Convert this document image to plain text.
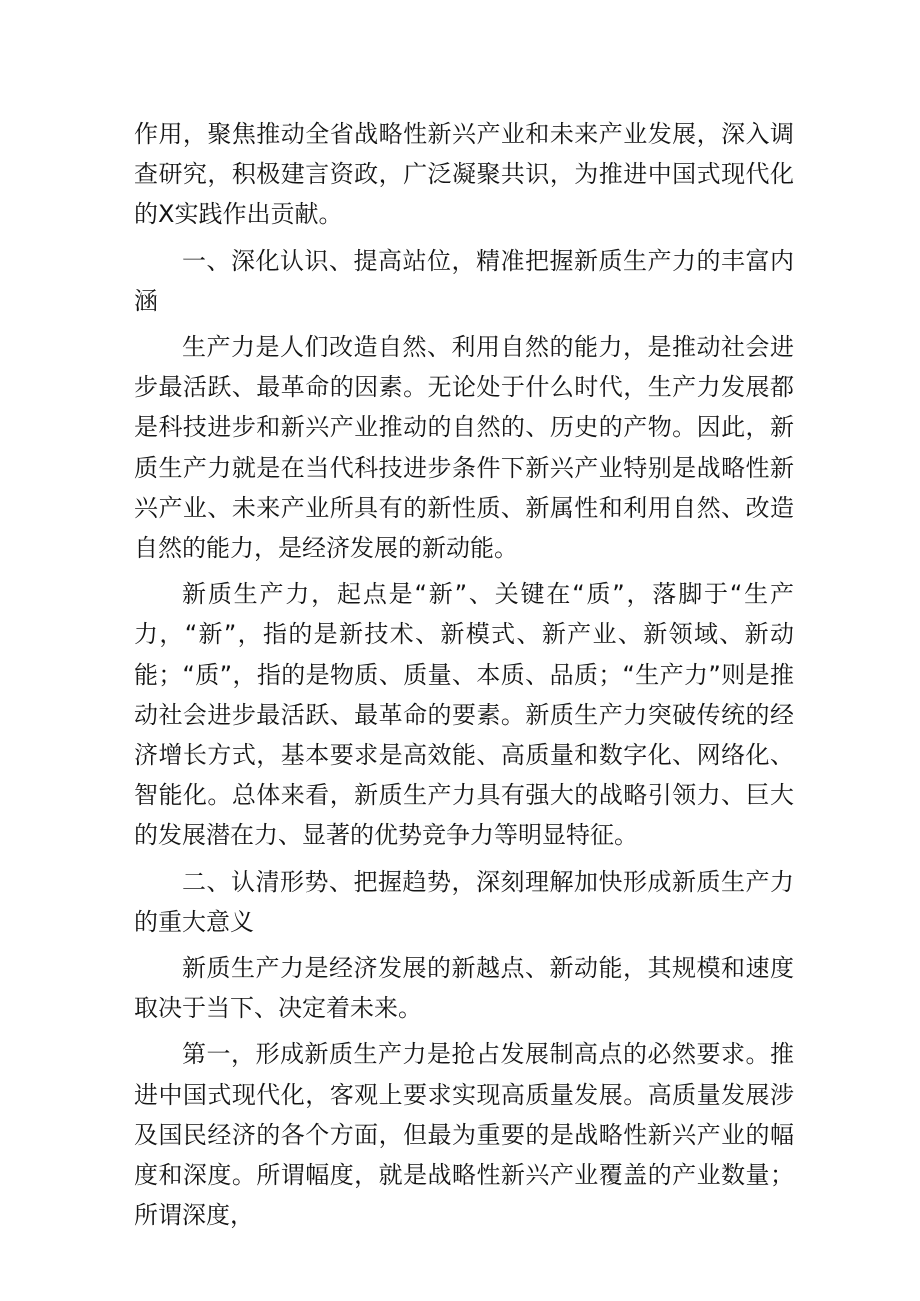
作用，聚焦推动全省战略性新兴产业和未来产业发展，深入调查研究，积极建言资政，广泛凝聚共识，为推进中国式现代化的X实践作出贡献。

一、深化认识、提高站位，精准把握新质生产力的丰富内涵

生产力是人们改造自然、利用自然的能力，是推动社会进步最活跃、最革命的因素。无论处于什么时代，生产力发展都是科技进步和新兴产业推动的自然的、历史的产物。因此，新质生产力就是在当代科技进步条件下新兴产业特别是战略性新兴产业、未来产业所具有的新性质、新属性和利用自然、改造自然的能力，是经济发展的新动能。

新质生产力，起点是“新”、关键在“质”，落脚于“生产力，“新”，指的是新技术、新模式、新产业、新领域、新动能；“质”，指的是物质、质量、本质、品质；“生产力”则是推动社会进步最活跃、最革命的要素。新质生产力突破传统的经济增长方式，基本要求是高效能、高质量和数字化、网络化、智能化。总体来看，新质生产力具有强大的战略引领力、巨大的发展潜在力、显著的优势竞争力等明显特征。

二、认清形势、把握趋势，深刻理解加快形成新质生产力的重大意义

新质生产力是经济发展的新越点、新动能，其规模和速度取决于当下、决定着未来。

第一，形成新质生产力是抢占发展制高点的必然要求。推进中国式现代化，客观上要求实现高质量发展。高质量发展涉及国民经济的各个方面，但最为重要的是战略性新兴产业的幅度和深度。所谓幅度，就是战略性新兴产业覆盖的产业数量；所谓深度，
